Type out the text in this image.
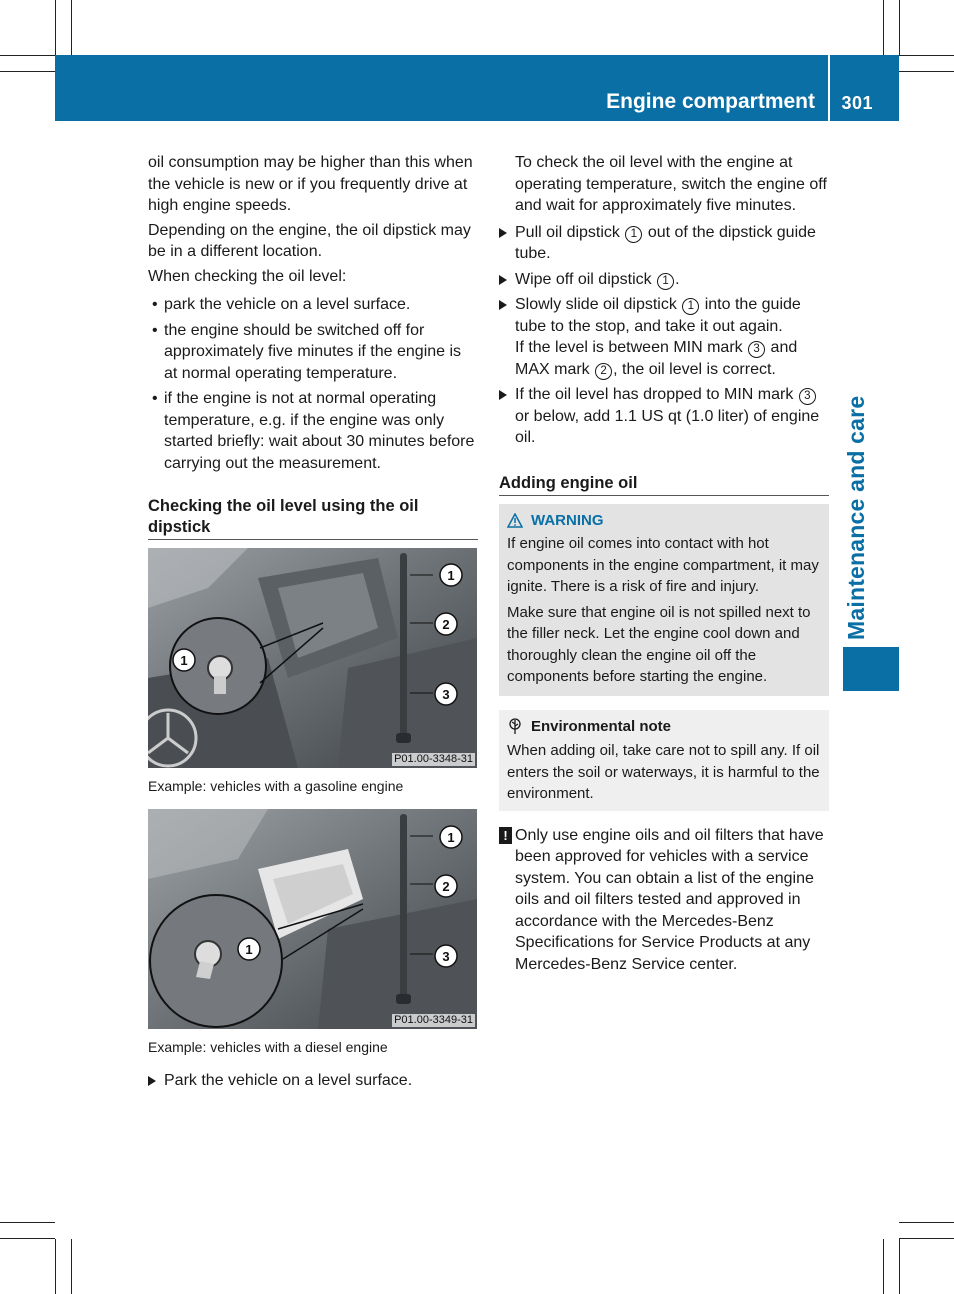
Engine compartment 301
Maintenance and care

oil consumption may be higher than this when the vehicle is new or if you frequently drive at high engine speeds.

Depending on the engine, the oil dipstick may be in a different location.

When checking the oil level:

• park the vehicle on a level surface.
• the engine should be switched off for approximately five minutes if the engine is at normal operating temperature.
• if the engine is not at normal operating temperature, e.g. if the engine was only started briefly: wait about 30 minutes before carrying out the measurement.
Checking the oil level using the oil dipstick
1
1
2
3
P01.00-3348-31
Example: vehicles with a gasoline engine
1
1
2
3
P01.00-3349-31
Example: vehicles with a diesel engine
Park the vehicle on a level surface.

To check the oil level with the engine at operating temperature, switch the engine off and wait for approximately five minutes.

Pull oil dipstick 1 out of the dipstick guide tube.
Wipe off oil dipstick 1 .
Slowly slide oil dipstick 1 into the guide tube to the stop, and take it out again.
If the level is between MIN mark 3 and MAX mark 2 , the oil level is correct.
If the oil level has dropped to MIN mark 3 or below, add 1.1 US qt (1.0 liter) of engine oil.
Adding engine oil
WARNING

If engine oil comes into contact with hot components in the engine compartment, it may ignite. There is a risk of fire and injury.

Make sure that engine oil is not spilled next to the filler neck. Let the engine cool down and thoroughly clean the engine oil off the components before starting the engine.

Environmental note

When adding oil, take care not to spill any. If oil enters the soil or waterways, it is harmful to the environment.

! Only use engine oils and oil filters that have been approved for vehicles with a service system. You can obtain a list of the engine oils and oil filters tested and approved in accordance with the Mercedes-Benz Specifications for Service Products at any Mercedes-Benz Service center.
